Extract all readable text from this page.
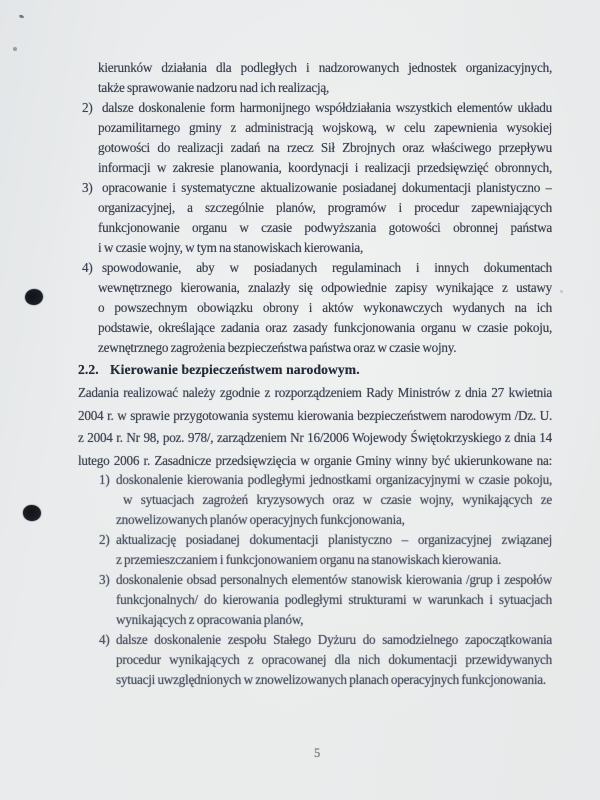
kierunków działania dla podległych i nadzorowanych jednostek organizacyjnych,
także sprawowanie nadzoru nad ich realizacją,
2) dalsze doskonalenie form harmonijnego współdziałania wszystkich elementów układu
pozamilitarnego gminy z administracją wojskową, w celu zapewnienia wysokiej
gotowości do realizacji zadań na rzecz Sił Zbrojnych oraz właściwego przepływu
informacji w zakresie planowania, koordynacji i realizacji przedsięwzięć obronnych,
3) opracowanie i systematyczne aktualizowanie posiadanej dokumentacji planistyczno –
organizacyjnej, a szczególnie planów, programów i procedur zapewniających
funkcjonowanie organu w czasie podwyższania gotowości obronnej państwa
i w czasie wojny, w tym na stanowiskach kierowania,
4) spowodowanie, aby w posiadanych regulaminach i innych dokumentach
wewnętrznego kierowania, znalazły się odpowiednie zapisy wynikające z ustawy
o powszechnym obowiązku obrony i aktów wykonawczych wydanych na ich
podstawie, określające zadania oraz zasady funkcjonowania organu w czasie pokoju,
zewnętrznego zagrożenia bezpieczeństwa państwa oraz w czasie wojny.
2.2. Kierowanie bezpieczeństwem narodowym.
Zadania realizować należy zgodnie z rozporządzeniem Rady Ministrów z dnia 27 kwietnia
2004 r. w sprawie przygotowania systemu kierowania bezpieczeństwem narodowym /Dz. U.
z 2004 r. Nr 98, poz. 978/, zarządzeniem Nr 16/2006 Wojewody Świętokrzyskiego z dnia 14
lutego 2006 r. Zasadnicze przedsięwzięcia w organie Gminy winny być ukierunkowane na:
1) doskonalenie kierowania podległymi jednostkami organizacyjnymi w czasie pokoju,
w sytuacjach zagrożeń kryzysowych oraz w czasie wojny, wynikających ze
znowelizowanych planów operacyjnych funkcjonowania,
2) aktualizację posiadanej dokumentacji planistyczno – organizacyjnej związanej
z przemieszczaniem i funkcjonowaniem organu na stanowiskach kierowania.
3) doskonalenie obsad personalnych elementów stanowisk kierowania /grup i zespołów
funkcjonalnych/ do kierowania podległymi strukturami w warunkach i sytuacjach
wynikających z opracowania planów,
4) dalsze doskonalenie zespołu Stałego Dyżuru do samodzielnego zapoczątkowania
procedur wynikających z opracowanej dla nich dokumentacji przewidywanych
sytuacji uwzględnionych w znowelizowanych planach operacyjnych funkcjonowania.
5
